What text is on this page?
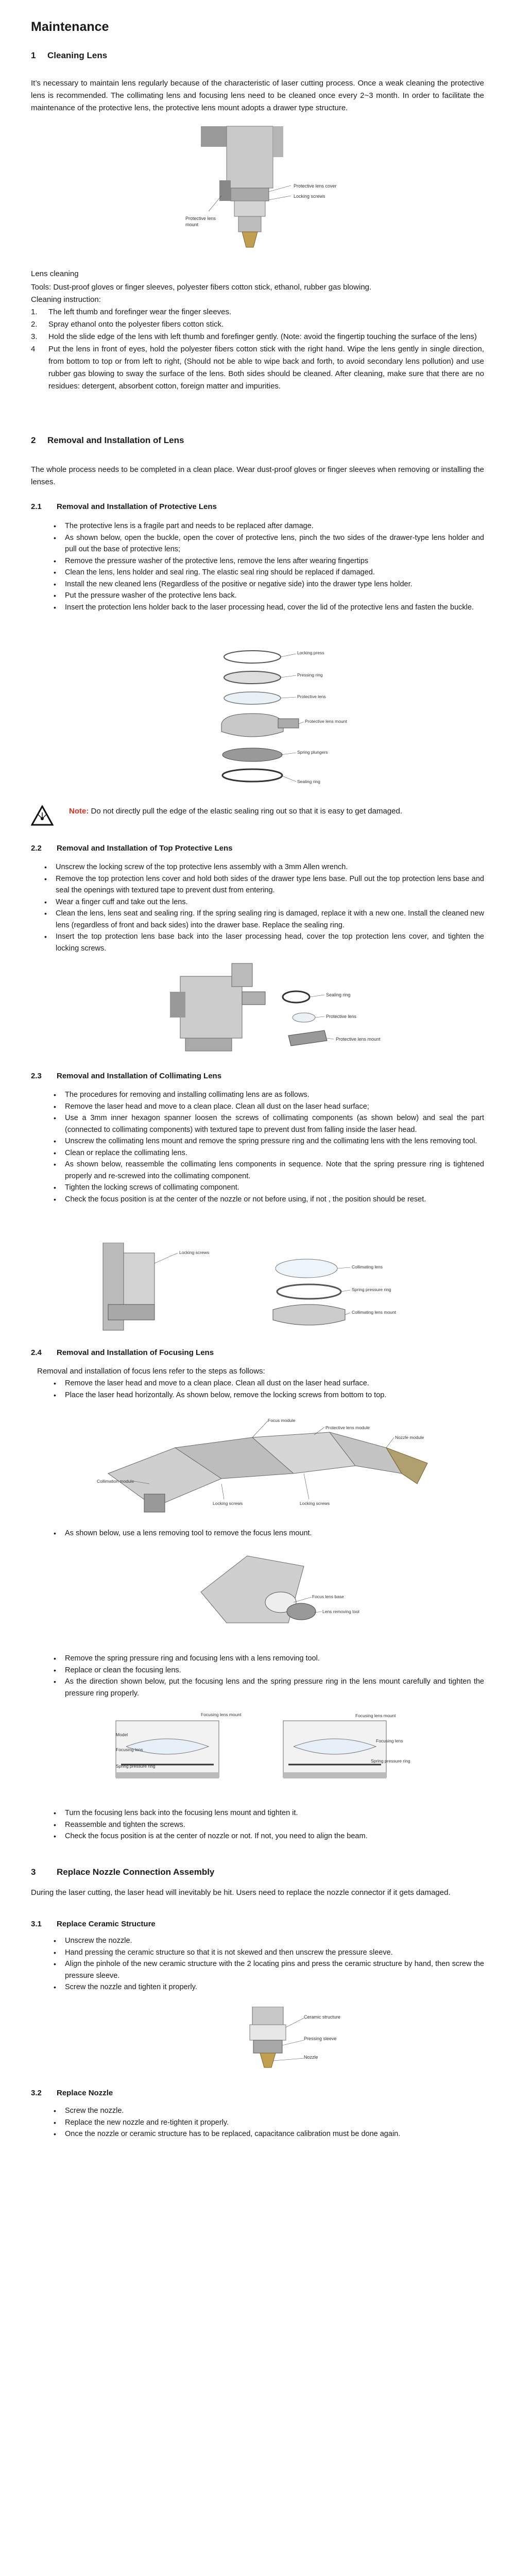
Maintenance
1 Cleaning Lens
It’s necessary to maintain lens regularly because of the characteristic of laser cutting process. Once a weak cleaning the protective lens is recommended. The collimating lens and focusing lens need to be cleaned once every 2~3 month. In order to facilitate the maintenance of the protective lens, the protective lens mount adopts a drawer type structure.
Protective lens cover
Locking screws
Protective lens mount
Lens cleaning
Tools: Dust-proof gloves or finger sleeves, polyester fibers cotton stick, ethanol, rubber gas blowing.
Cleaning instruction:
1. The left thumb and forefinger wear the finger sleeves.
2. Spray ethanol onto the polyester fibers cotton stick.
3. Hold the slide edge of the lens with left thumb and forefinger gently. (Note: avoid the fingertip touching the surface of the lens)
4 Put the lens in front of eyes, hold the polyester fibers cotton stick with the right hand. Wipe the lens gently in single direction, from bottom to top or from left to right, (Should not be able to wipe back and forth, to avoid secondary lens pollution) and use rubber gas blowing to sway the surface of the lens. Both sides should be cleaned. After cleaning, make sure that there are no residues: detergent, absorbent cotton, foreign matter and impurities.
2 Removal and Installation of Lens
The whole process needs to be completed in a clean place. Wear dust-proof gloves or finger sleeves when removing or installing the lenses.
2.1 Removal and Installation of Protective Lens
• The protective lens is a fragile part and needs to be replaced after damage.
• As shown below, open the buckle, open the cover of protective lens, pinch the two sides of the drawer-type lens holder and pull out the base of protective lens;
• Remove the pressure washer of the protective lens, remove the lens after wearing fingertips
• Clean the lens, lens holder and seal ring. The elastic seal ring should be replaced if damaged.
• Install the new cleaned lens (Regardless of the positive or negative side) into the drawer type lens holder.
• Put the pressure washer of the protective lens back.
• Insert the protection lens holder back to the laser processing head, cover the lid of the protective lens and fasten the buckle.
Locking press
Pressing ring
Protective lens
Protective lens mount
Spring plungers
Sealing ring
Note: Do not directly pull the edge of the elastic sealing ring out so that it is easy to get damaged.
2.2 Removal and Installation of Top Protective Lens
• Unscrew the locking screw of the top protective lens assembly with a 3mm Allen wrench.
• Remove the top protection lens cover and hold both sides of the drawer type lens base. Pull out the top protection lens base and seal the openings with textured tape to prevent dust from entering.
• Wear a finger cuff and take out the lens.
• Clean the lens, lens seat and sealing ring. If the spring sealing ring is damaged, replace it with a new one. Install the cleaned new lens (regardless of front and back sides) into the drawer base. Replace the sealing ring.
• Insert the top protection lens base back into the laser processing head, cover the top protection lens cover, and tighten the locking screws.
Sealing ring
Protective lens
Protective lens mount
2.3 Removal and Installation of Collimating Lens
• The procedures for removing and installing collimating lens are as follows.
• Remove the laser head and move to a clean place. Clean all dust on the laser head surface;
• Use a 3mm inner hexagon spanner loosen the screws of collimating components (as shown below) and seal the part (connected to collimating components) with textured tape to prevent dust from falling inside the laser head.
• Unscrew the collimating lens mount and remove the spring pressure ring and the collimating lens with the lens removing tool.
• Clean or replace the collimating lens.
• As shown below, reassemble the collimating lens components in sequence. Note that the spring pressure ring is tightened properly and re-screwed into the collimating component.
• Tighten the locking screws of collimating component.
• Check the focus position is at the center of the nozzle or not before using, if not , the position should be reset.
Locking screws
Collimating lens
Spring pressure ring
Collimating lens mount
2.4 Removal and Installation of Focusing Lens
Removal and installation of focus lens refer to the steps as follows:
• Remove the laser head and move to a clean place. Clean all dust on the laser head surface.
• Place the laser head horizontally. As shown below, remove the locking screws from bottom to top.
Focus module
Protective lens module
Nozzle module
Collimation module
Locking screws	Locking screws
• As shown below, use a lens removing tool to remove the focus lens mount.
Focus lens base
Lens removing tool
• Remove the spring pressure ring and focusing lens with a lens removing tool.
• Replace or clean the focusing lens.
• As the direction shown below, put the focusing lens and the spring pressure ring in the lens mount carefully and tighten the pressure ring properly.
Focusing lens mount
Model
Focusing lens
Spring pressure ring
Focusing lens mount
Focusing lens
Spring pressure ring
• Turn the focusing lens back into the focusing lens mount and tighten it.
• Reassemble and tighten the screws.
• Check the focus position is at the center of nozzle or not. If not, you need to align the beam.
3 Replace Nozzle Connection Assembly
During the laser cutting, the laser head will inevitably be hit. Users need to replace the nozzle connector if it gets damaged.
3.1 Replace Ceramic Structure
• Unscrew the nozzle.
• Hand pressing the ceramic structure so that it is not skewed and then unscrew the pressure sleeve.
• Align the pinhole of the new ceramic structure with the 2 locating pins and press the ceramic structure by hand, then screw the pressure sleeve.
• Screw the nozzle and tighten it properly.
Ceramic structure
Pressing sleeve
Nozzle
3.2 Replace Nozzle
• Screw the nozzle.
• Replace the new nozzle and re-tighten it properly.
• Once the nozzle or ceramic structure has to be replaced, capacitance calibration must be done again.
